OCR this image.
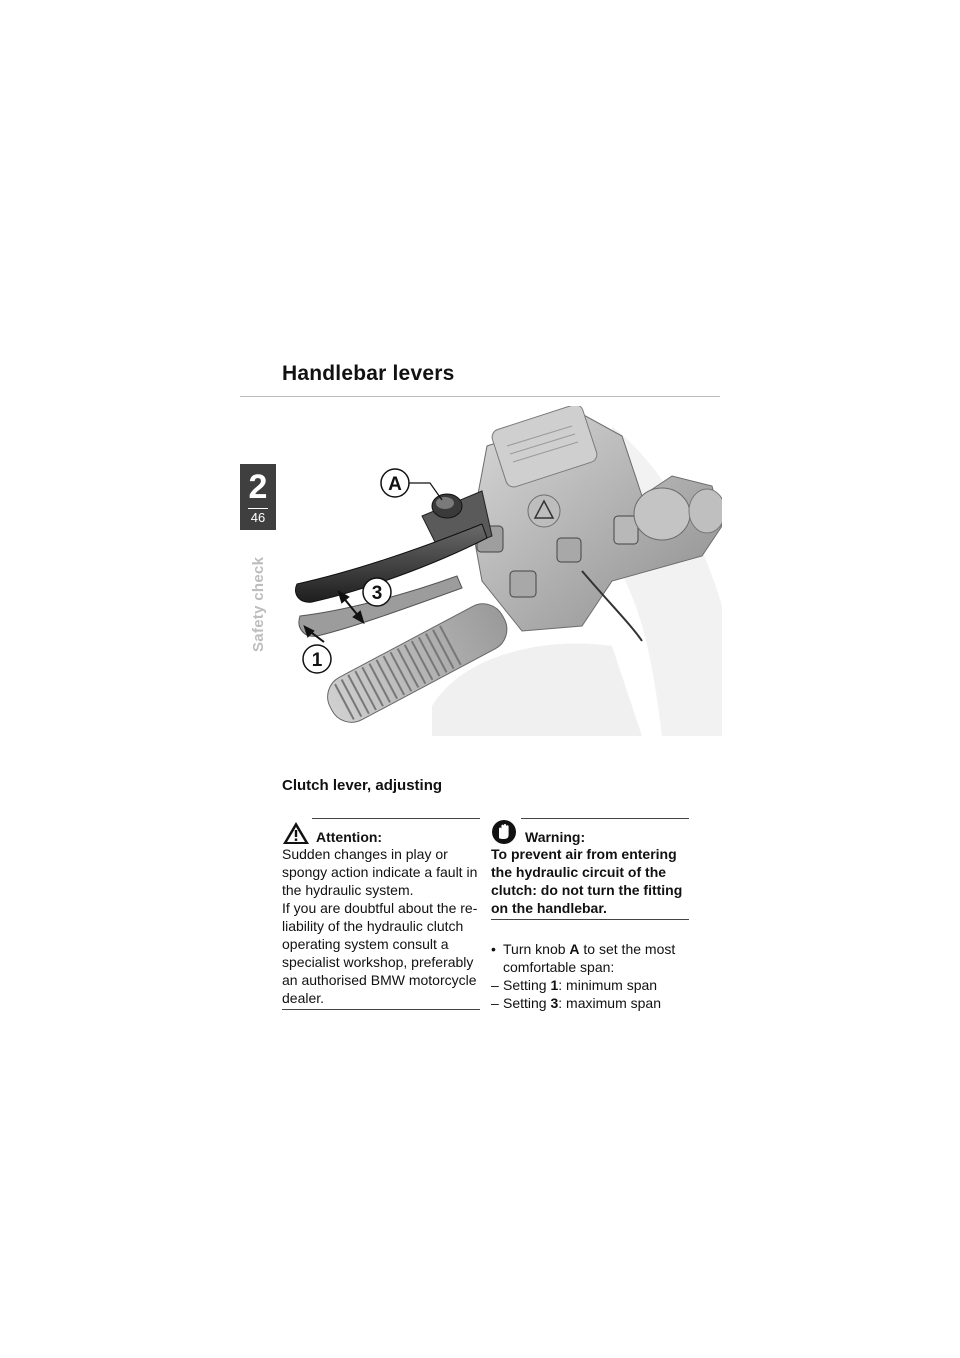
Handlebar levers
2
46
Safety check
A
3
1
Clutch lever, adjusting
Attention:

Sudden changes in play or spongy action indicate a fault in the hydraulic system.

If you are doubtful about the reliability of the hydraulic clutch operating system consult a specialist workshop, preferably an authorised BMW motorcycle dealer.

Warning:
To prevent air from entering the hydraulic circuit of the clutch: do not turn the fitting on the handlebar.
• Turn knob A to set the most comfortable span:
– Setting 1: minimum span
– Setting 3: maximum span
